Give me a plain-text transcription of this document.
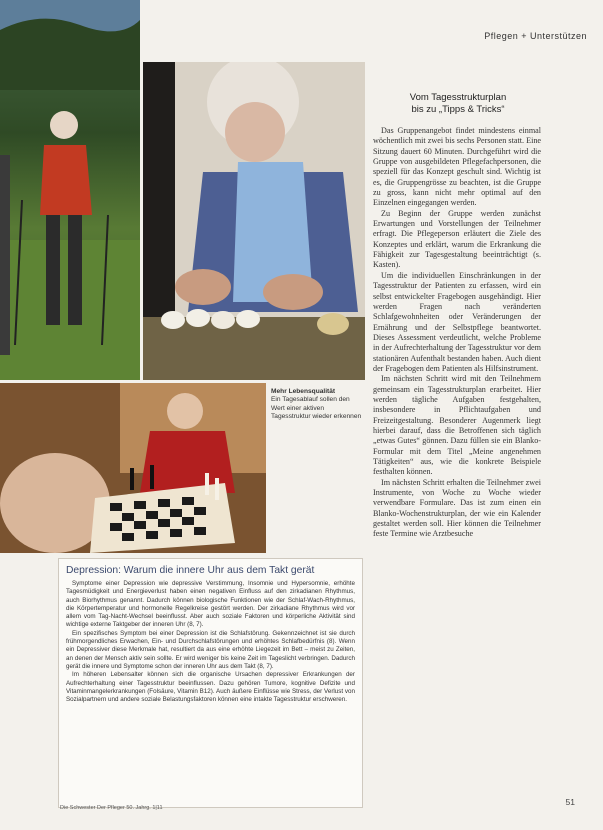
Pflegen + Unterstützen
Mehr Lebensqualität
Ein Tagesablauf sollen den Wert einer aktiven Tagesstruktur wieder erkennen
Vom Tagesstrukturplan
bis zu „Tipps & Tricks“

Das Gruppenangebot findet mindestens einmal wöchentlich mit zwei bis sechs Personen statt. Eine Sitzung dauert 60 Minuten. Durchgeführt wird die Gruppe von ausgebildeten Pflegefachpersonen, die speziell für das Konzept geschult sind. Wichtig ist es, die Gruppengrösse zu beachten, ist die Gruppe zu gross, kann nicht mehr optimal auf den Einzelnen eingegangen werden.

Zu Beginn der Gruppe werden zunächst Erwartungen und Vorstellungen der Teilnehmer erfragt. Die Pflegeperson erläutert die Ziele des Konzeptes und erklärt, warum die Erkrankung die Fähigkeit zur Tagesgestaltung beeinträchtigt (s. Kasten).

Um die individuellen Einschränkungen in der Tagesstruktur der Patienten zu erfassen, wird ein selbst entwickelter Fragebogen ausgehändigt. Hier werden Fragen nach veränderten Schlafgewohnheiten oder Veränderungen der Ernährung und der Selbstpflege beantwortet. Dieses Assessment verdeutlicht, welche Probleme in der Aufrechterhaltung der Tagesstruktur vor dem stationären Aufenthalt bestanden haben. Auch dient der Fragebogen dem Patienten als Hilfsinstrument.

Im nächsten Schritt wird mit den Teilnehmern gemeinsam ein Tagesstrukturplan erarbeitet. Hier werden tägliche Aufgaben festgehalten, insbesondere in Pflichtaufgaben und Freizeitgestaltung. Besonderer Augenmerk liegt hierbei darauf, dass die Betroffenen sich täglich „etwas Gutes“ gönnen. Dazu füllen sie ein Blanko-Formular mit dem Titel „Meine angenehmen Tätigkeiten“ aus, wie die konkrete Beispiele festhalten können.

Im nächsten Schritt erhalten die Teilnehmer zwei Instrumente, von Woche zu Woche wieder verwendbare Formulare. Das ist zum einen ein Blanko-Wochenstrukturplan, der wie ein Kalender gestaltet werden soll. Hier können die Teilnehmer feste Termine wie Arztbesuche

Depression: Warum die innere Uhr aus dem Takt gerät

Symptome einer Depression wie depressive Verstimmung, Insomnie und Hypersomnie, erhöhte Tagesmüdigkeit und Energieverlust haben einen negativen Einfluss auf den zirkadianen Rhythmus, auch Biorhythmus genannt. Dadurch können biologische Funktionen wie der Schlaf-Wach-Rhythmus, die Körpertemperatur und hormonelle Regelkreise gestört werden. Der zirkadiane Rhythmus wird vor allem vom Tag-Nacht-Wechsel beeinflusst. Aber auch soziale Faktoren und körperliche Aktivität sind wichtige externe Taktgeber der inneren Uhr (8, 7).

Ein spezifisches Symptom bei einer Depression ist die Schlafstörung. Gekennzeichnet ist sie durch frühmorgendliches Erwachen, Ein- und Durchschlafstörungen und erhöhtes Schlafbedürfnis (8). Wenn ein Depressiver diese Merkmale hat, resultiert da aus eine erhöhte Liegezeit im Bett – meist zu Zeiten, an denen der Mensch aktiv sein sollte. Er wird weniger bis keine Zeit im Tageslicht verbringen. Dadurch gerät die innere und Symptome schon der inneren Uhr aus dem Takt (8, 7).

Im höheren Lebensalter können sich die organische Ursachen depressiver Erkrankungen der Aufrechterhaltung einer Tagesstruktur beeinflussen. Dazu gehören Tumore, kognitive Defizite und Vitaminmangelerkrankungen (Folsäure, Vitamin B12). Auch äußere Einflüsse wie Stress, der Verlust von Sozialpartnern und andere soziale Belastungsfaktoren können eine intakte Tagesstruktur erschweren.

Die Schwester Der Pfleger 50. Jahrg. 1|11
51
